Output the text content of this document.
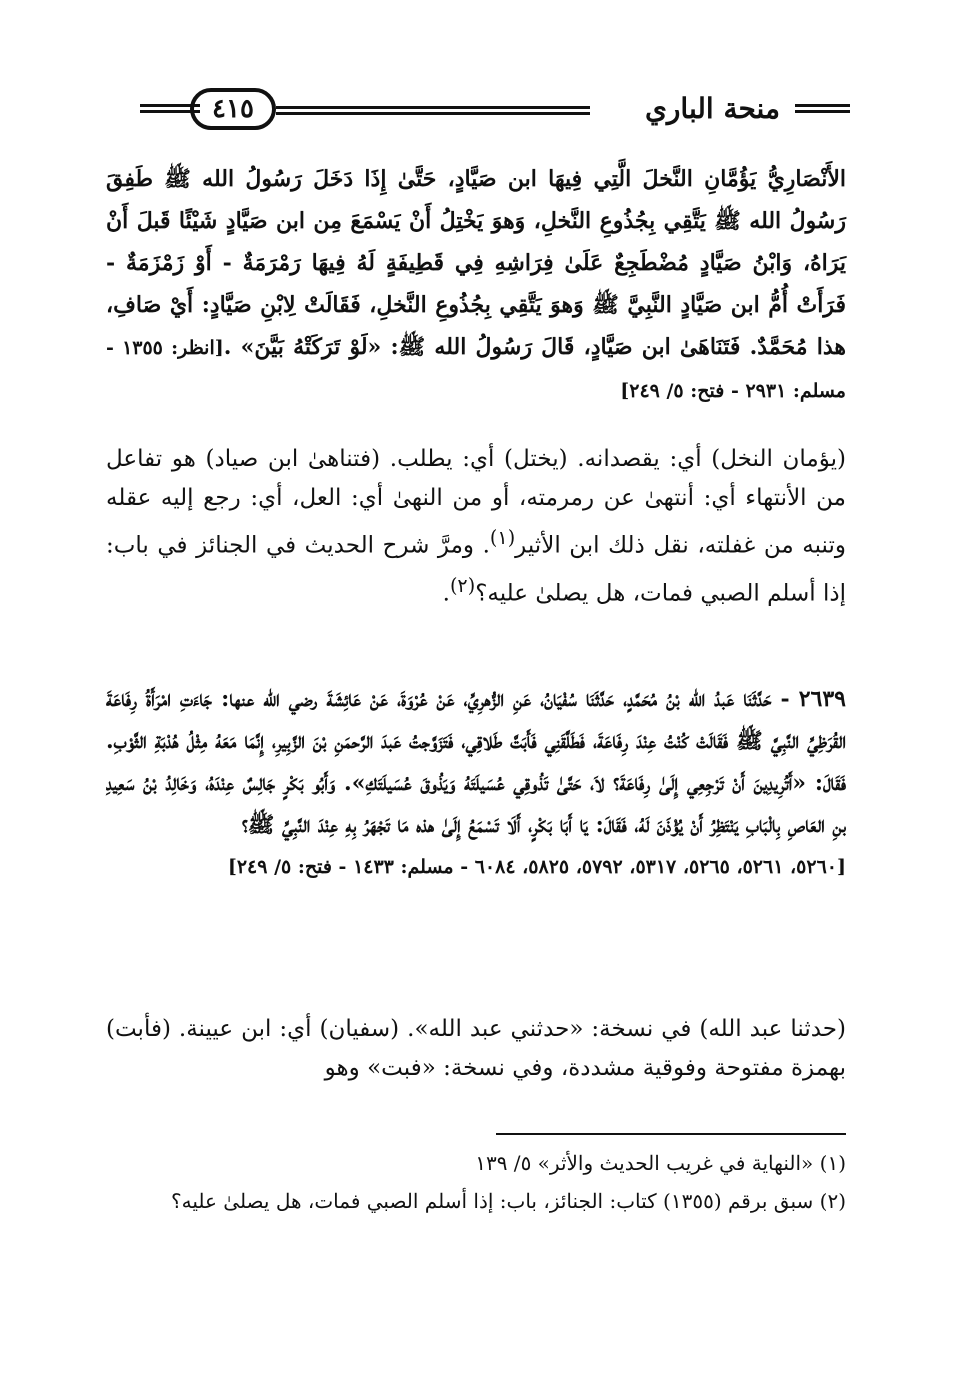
منحة الباري
٤١٥
الأَنْصَارِيُّ يَؤُمَّانِ النَّخلَ الَّتِي فِيهَا ابن صَيَّادٍ، حَتَّىٰ إِذَا دَخَلَ رَسُولُ الله ﷺ طَفِقَ رَسُولُ الله ﷺ يَتَّقِي بِجُذُوعِ النَّخلِ، وَهوَ يَخْتِلُ أَنْ يَسْمَعَ مِن ابن صَيَّادٍ شَيْئًا قَبلَ أَنْ يَرَاهُ، وَابْنُ صَيَّادٍ مُضْطَجِعٌ عَلَىٰ فِرَاشِهِ فِي قَطِيفَةٍ لَهُ فِيهَا رَمْرَمَةٌ - أَوْ زَمْزَمَةٌ - فَرَأَتْ أُمُّ ابن صَيَّادٍ النَّبِيَّ ﷺ وَهوَ يَتَّقِي بِجُذُوعِ النَّخلِ، فَقَالَتْ لِابْنِ صَيَّادٍ: أَيْ صَافِ، هذا مُحَمَّدٌ. فَتَنَاهَىٰ ابن صَيَّادٍ، قَالَ رَسُولُ الله ﷺ: «لَوْ تَرَكَتْهُ بَيَّنَ» .[انظر: ١٣٥٥ - مسلم: ٢٩٣١ - فتح: ٥/ ٢٤٩]
(يؤمان النخل) أي: يقصدانه. (يختل) أي: يطلب. (فتناهىٰ ابن صياد) هو تفاعل من الأنتهاء أي: أنتهىٰ عن رمرمته، أو من النهىٰ أي: العل، أي: رجع إليه عقله وتنبه من غفلته، نقل ذلك ابن الأثير$^{(١)}$. ومرَّ شرح الحديث في الجنائز في باب: إذا أسلم الصبي فمات، هل يصلىٰ عليه؟$^{(٢)}$.

٢٦٣٩ - حَدَّثَنَا عَبدُ الله بْنُ مُحَمَّدٍ، حَدَّثَنَا سُفْيَانُ، عَنِ الزُّهرِيِّ، عَنْ عُرْوَةَ، عَنْ عَائِشَةَ رضي الله عنها: جَاءَتِ امْرَأَةُ رِفَاعَةَ القُرَظِيِّ النَّبِيَّ ﷺ فَقَالَتْ كُنْتُ عِنْدَ رِفَاعَةَ، فَطَلَّقَنِي فَأَبَتَّ طَلاقِي، فَتَزَوَّجتُ عَبدَ الرَّحمَنِ بْنَ الزَّبِيرِ، إِنَّمَا مَعَهُ مِثْلُ هُدْبَةِ الثَّوْبِ. فَقَالَ: «أَتُرِيدِينَ أَنْ تَرْجِعِي إِلَىٰ رِفَاعَةَ؟ لاَ، حَتَّىٰ تَذُوقِي عُسَيلَتَهُ وَيَذُوقَ عُسَيلَتَكِ». وَأَبُو بَكْرٍ جَالِسٌ عِنْدَهُ، وَخَالِدُ بْنُ سَعِيدِ بنِ العَاصِ بِالْبَابِ يَنْتَظِرُ أَنْ يُؤْذَنَ لَهُ، فَقَالَ: يَا أَبَا بَكْرٍ، أَلَا تَسْمَعُ إِلَىٰ هذه مَا تَجْهَرُ بِهِ عِنْدَ النَّبِيِّ ﷺ؟

[٥٢٦٠، ٥٢٦١، ٥٢٦٥، ٥٣١٧، ٥٧٩٢، ٥٨٢٥، ٦٠٨٤ - مسلم: ١٤٣٣ - فتح: ٥/ ٢٤٩]

(حدثنا عبد الله) في نسخة: «حدثني عبد الله». (سفيان) أي: ابن عيينة. (فأبت) بهمزة مفتوحة وفوقية مشددة، وفي نسخة: «فبت» وهو

(١) «النهاية في غريب الحديث والأثر» ٥/ ١٣٩

(٢) سبق برقم (١٣٥٥) كتاب: الجنائز، باب: إذا أسلم الصبي فمات، هل يصلىٰ عليه؟
